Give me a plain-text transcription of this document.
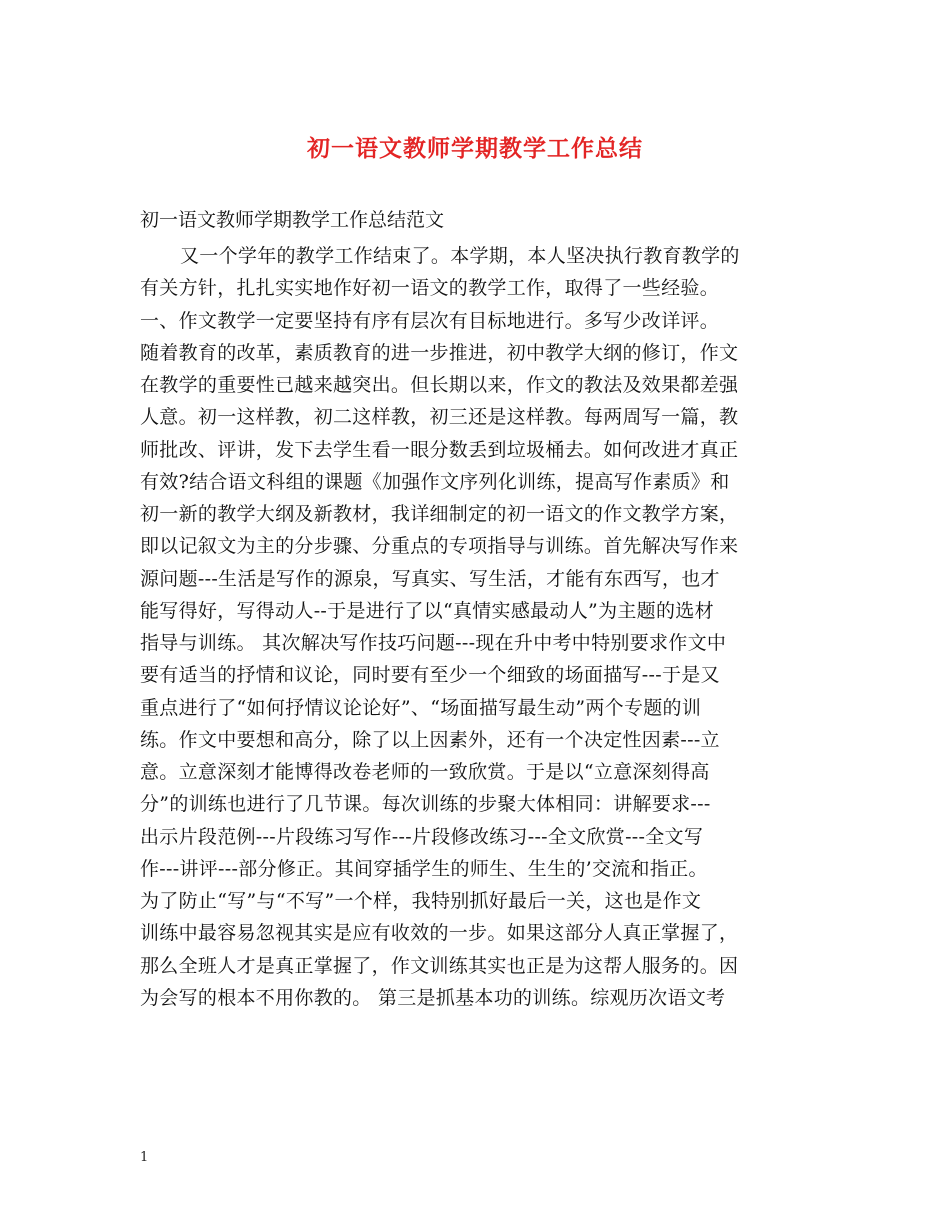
初一语文教师学期教学工作总结
初一语文教师学期教学工作总结范文
又一个学年的教学工作结束了。本学期，本人坚决执行教育教学的
有关方针，扎扎实实地作好初一语文的教学工作，取得了一些经验。
一、作文教学一定要坚持有序有层次有目标地进行。多写少改详评。
随着教育的改革，素质教育的进一步推进，初中教学大纲的修订，作文
在教学的重要性已越来越突出。但长期以来，作文的教法及效果都差强
人意。初一这样教，初二这样教，初三还是这样教。每两周写一篇，教
师批改、评讲，发下去学生看一眼分数丢到垃圾桶去。如何改进才真正
有效?结合语文科组的课题《加强作文序列化训练，提高写作素质》和
初一新的教学大纲及新教材，我详细制定的初一语文的作文教学方案，
即以记叙文为主的分步骤、分重点的专项指导与训练。首先解决写作来
源问题---生活是写作的源泉，写真实、写生活，才能有东西写，也才
能写得好，写得动人--于是进行了以“真情实感最动人”为主题的选材
指导与训练。 其次解决写作技巧问题---现在升中考中特别要求作文中
要有适当的抒情和议论，同时要有至少一个细致的场面描写---于是又
重点进行了“如何抒情议论论好”、“场面描写最生动”两个专题的训
练。作文中要想和高分，除了以上因素外，还有一个决定性因素---立
意。立意深刻才能博得改卷老师的一致欣赏。于是以“立意深刻得高
分”的训练也进行了几节课。每次训练的步聚大体相同：讲解要求---
出示片段范例---片段练习写作---片段修改练习---全文欣赏---全文写
作---讲评---部分修正。其间穿插学生的师生、生生的’交流和指正。
为了防止“写”与“不写”一个样，我特别抓好最后一关，这也是作文
训练中最容易忽视其实是应有收效的一步。如果这部分人真正掌握了，
那么全班人才是真正掌握了，作文训练其实也正是为这帮人服务的。因
为会写的根本不用你教的。 第三是抓基本功的训练。综观历次语文考
1
